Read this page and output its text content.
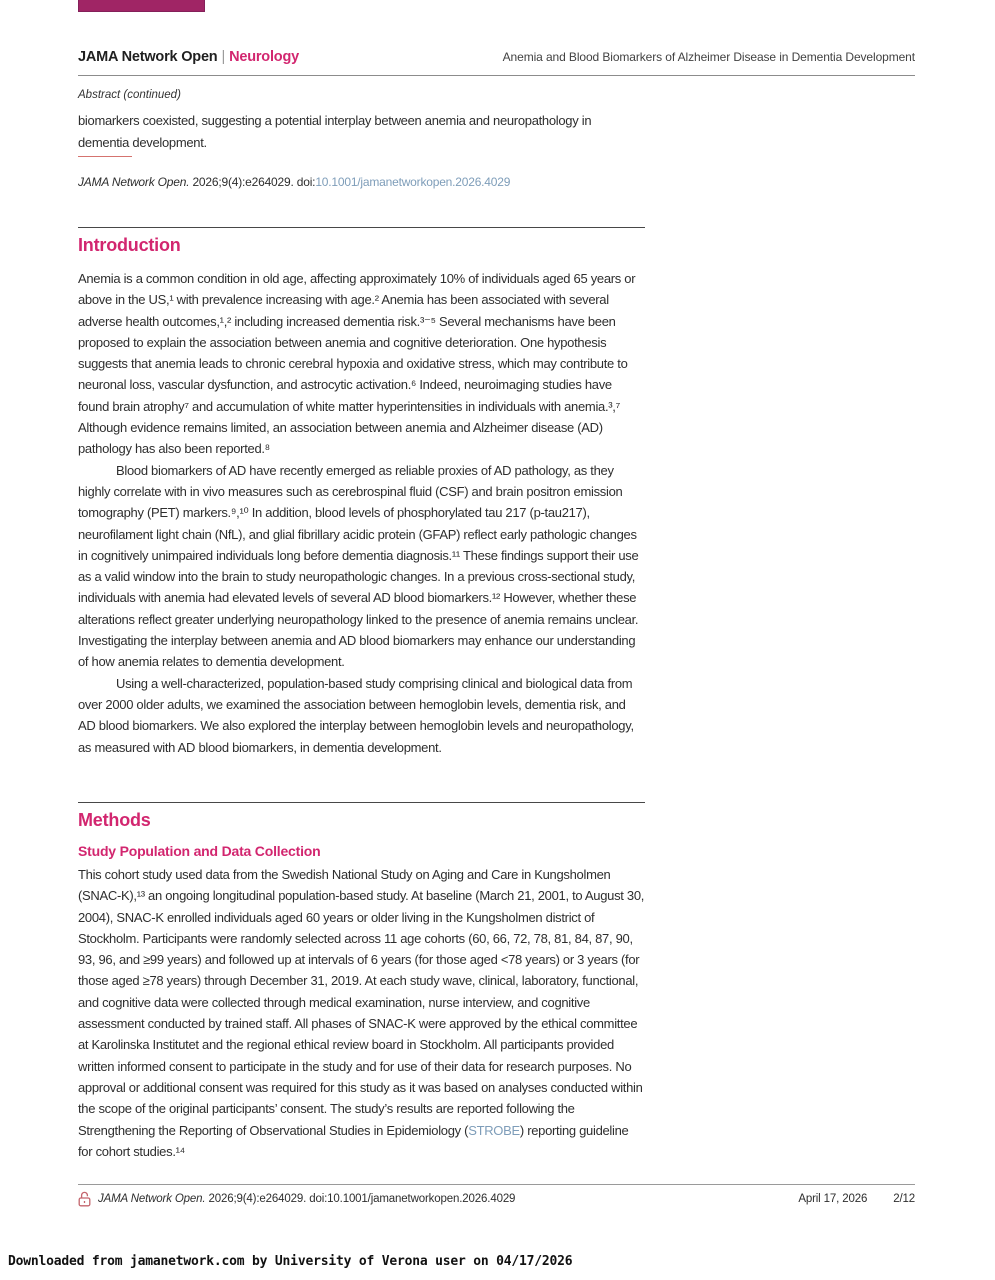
JAMA Network Open | Neurology	Anemia and Blood Biomarkers of Alzheimer Disease in Dementia Development
Abstract (continued)
biomarkers coexisted, suggesting a potential interplay between anemia and neuropathology in dementia development.
JAMA Network Open. 2026;9(4):e264029. doi:10.1001/jamanetworkopen.2026.4029
Introduction

Anemia is a common condition in old age, affecting approximately 10% of individuals aged 65 years or above in the US,¹ with prevalence increasing with age.² Anemia has been associated with several adverse health outcomes,¹,² including increased dementia risk.³⁻⁵ Several mechanisms have been proposed to explain the association between anemia and cognitive deterioration. One hypothesis suggests that anemia leads to chronic cerebral hypoxia and oxidative stress, which may contribute to neuronal loss, vascular dysfunction, and astrocytic activation.⁶ Indeed, neuroimaging studies have found brain atrophy⁷ and accumulation of white matter hyperintensities in individuals with anemia.³,⁷ Although evidence remains limited, an association between anemia and Alzheimer disease (AD) pathology has also been reported.⁸

Blood biomarkers of AD have recently emerged as reliable proxies of AD pathology, as they highly correlate with in vivo measures such as cerebrospinal fluid (CSF) and brain positron emission tomography (PET) markers.⁹,¹⁰ In addition, blood levels of phosphorylated tau 217 (p-tau217), neurofilament light chain (NfL), and glial fibrillary acidic protein (GFAP) reflect early pathologic changes in cognitively unimpaired individuals long before dementia diagnosis.¹¹ These findings support their use as a valid window into the brain to study neuropathologic changes. In a previous cross-sectional study, individuals with anemia had elevated levels of several AD blood biomarkers.¹² However, whether these alterations reflect greater underlying neuropathology linked to the presence of anemia remains unclear. Investigating the interplay between anemia and AD blood biomarkers may enhance our understanding of how anemia relates to dementia development.

Using a well-characterized, population-based study comprising clinical and biological data from over 2000 older adults, we examined the association between hemoglobin levels, dementia risk, and AD blood biomarkers. We also explored the interplay between hemoglobin levels and neuropathology, as measured with AD blood biomarkers, in dementia development.

Methods
Study Population and Data Collection

This cohort study used data from the Swedish National Study on Aging and Care in Kungsholmen (SNAC-K),¹³ an ongoing longitudinal population-based study. At baseline (March 21, 2001, to August 30, 2004), SNAC-K enrolled individuals aged 60 years or older living in the Kungsholmen district of Stockholm. Participants were randomly selected across 11 age cohorts (60, 66, 72, 78, 81, 84, 87, 90, 93, 96, and ≥99 years) and followed up at intervals of 6 years (for those aged <78 years) or 3 years (for those aged ≥78 years) through December 31, 2019. At each study wave, clinical, laboratory, functional, and cognitive data were collected through medical examination, nurse interview, and cognitive assessment conducted by trained staff. All phases of SNAC-K were approved by the ethical committee at Karolinska Institutet and the regional ethical review board in Stockholm. All participants provided written informed consent to participate in the study and for use of their data for research purposes. No approval or additional consent was required for this study as it was based on analyses conducted within the scope of the original participants’ consent. The study’s results are reported following the Strengthening the Reporting of Observational Studies in Epidemiology (STROBE) reporting guideline for cohort studies.¹⁴

JAMA Network Open. 2026;9(4):e264029. doi:10.1001/jamanetworkopen.2026.4029	April 17, 2026 2/12
Downloaded from jamanetwork.com by University of Verona user on 04/17/2026
